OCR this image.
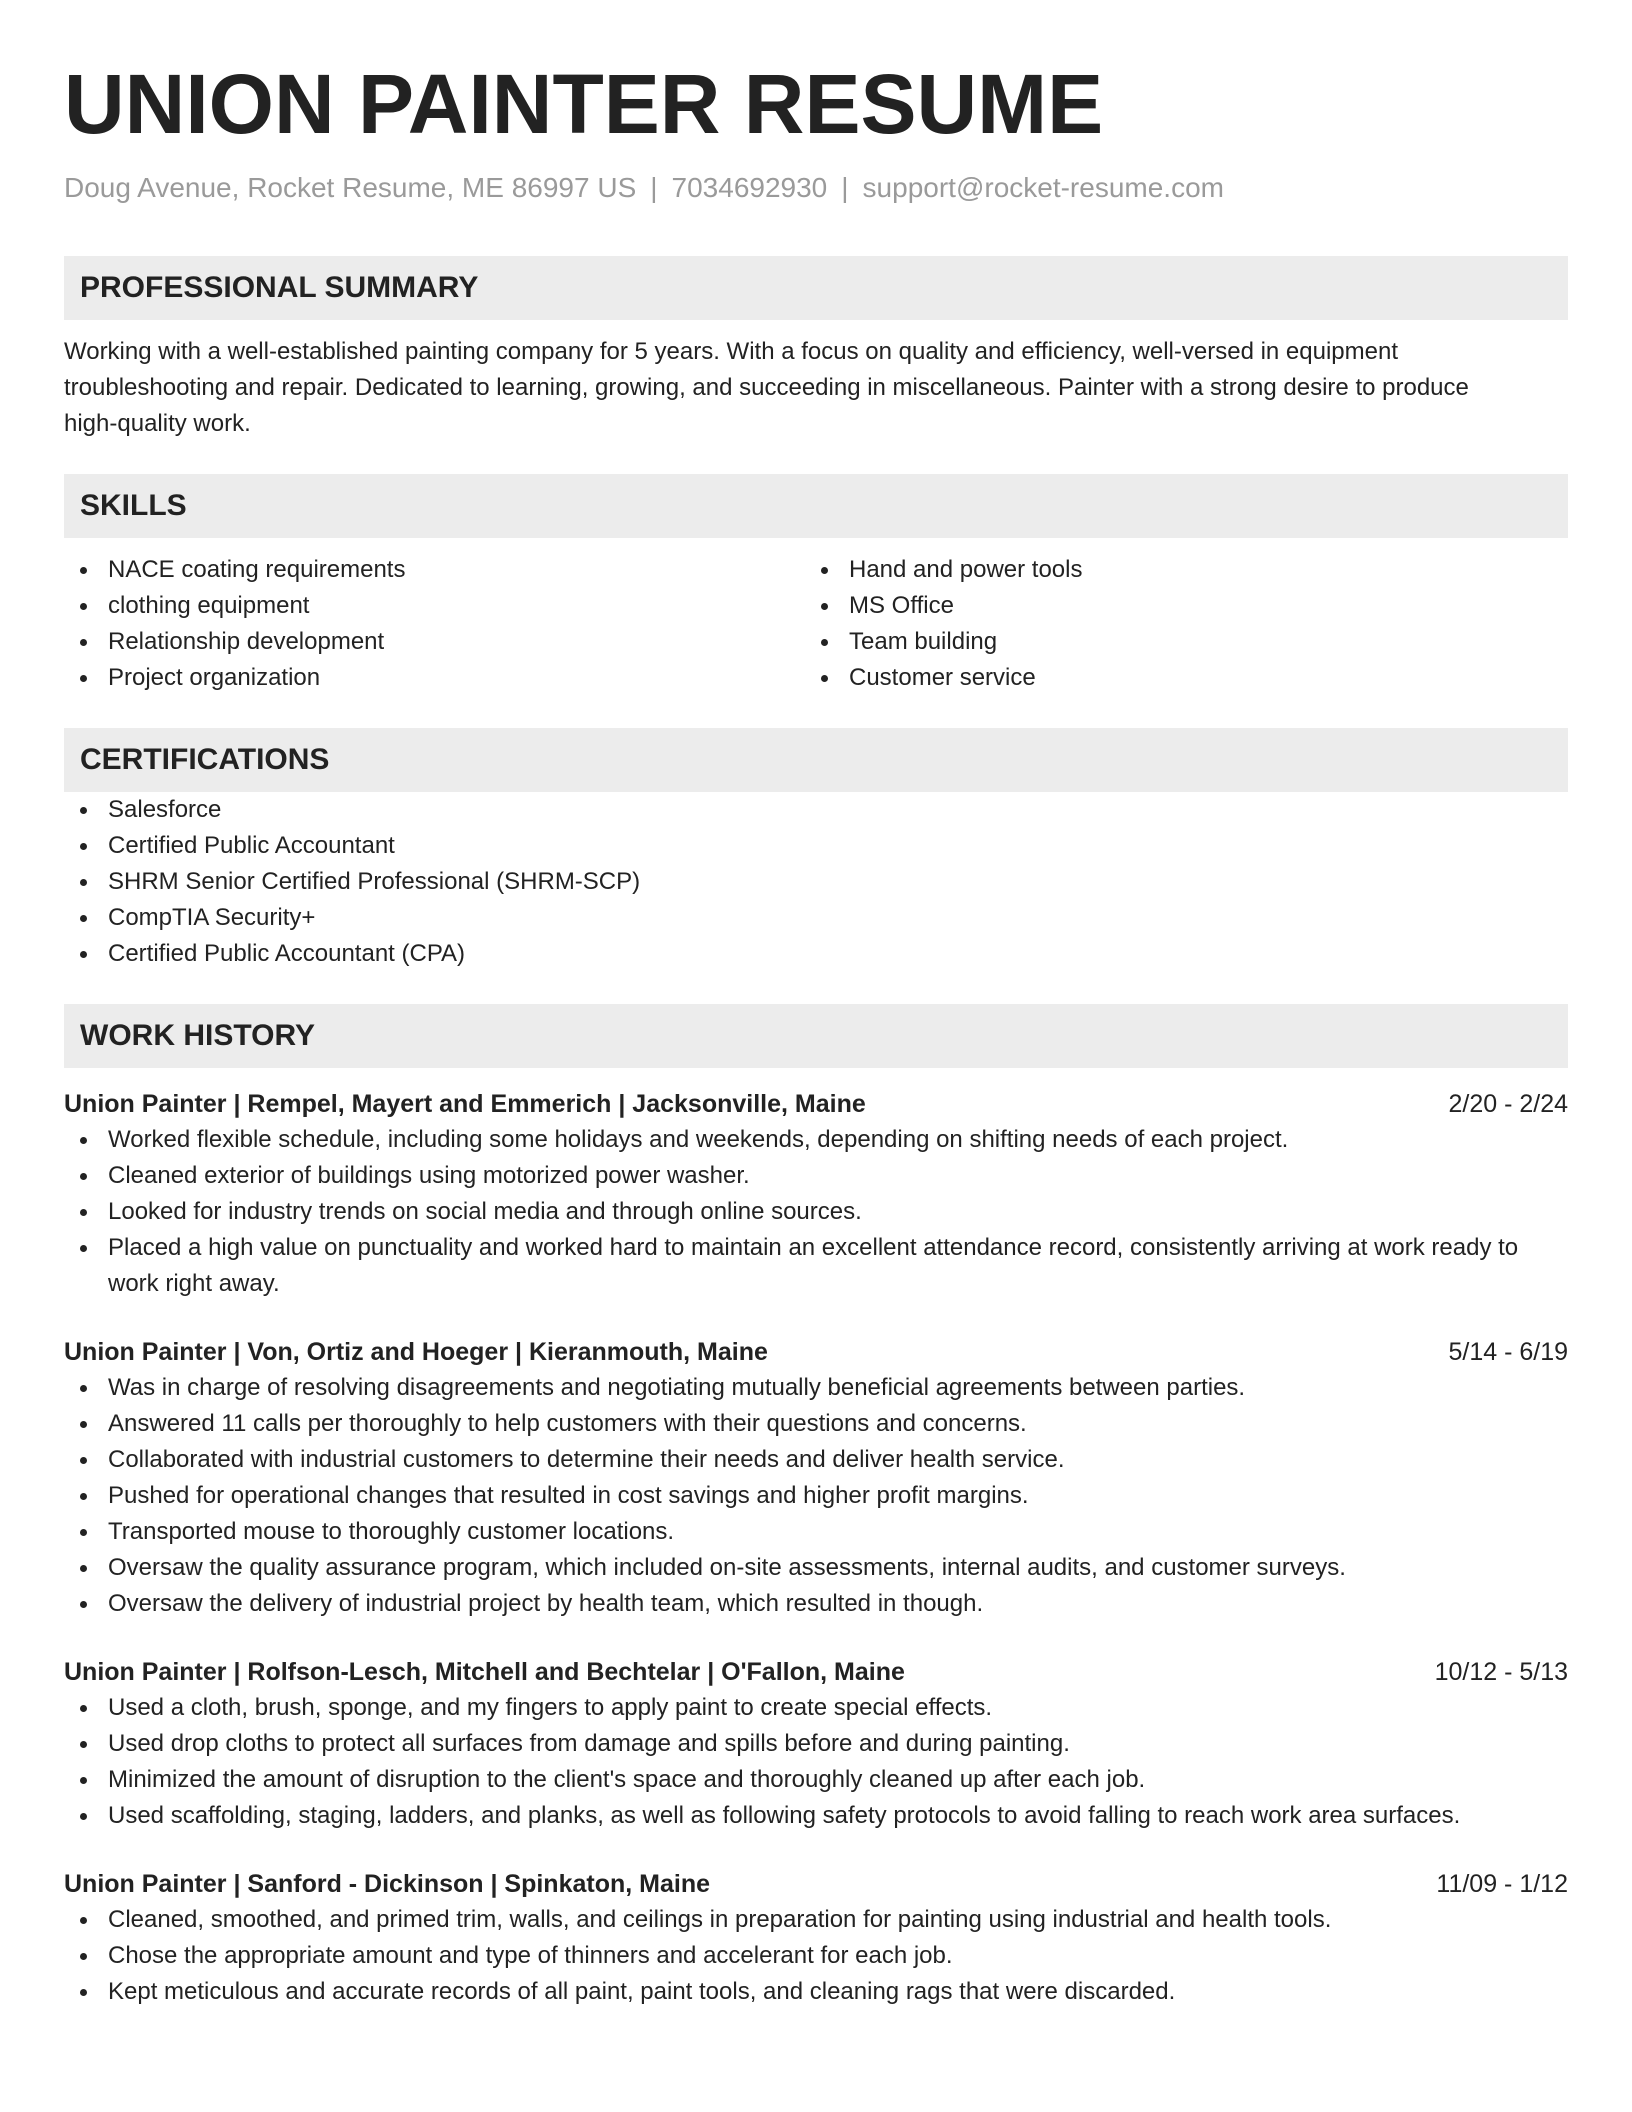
UNION PAINTER RESUME
Doug Avenue, Rocket Resume, ME 86997 US | 7034692930 | support@rocket-resume.com
PROFESSIONAL SUMMARY
Working with a well-established painting company for 5 years. With a focus on quality and efficiency, well-versed in equipment troubleshooting and repair. Dedicated to learning, growing, and succeeding in miscellaneous. Painter with a strong desire to produce high-quality work.
SKILLS
NACE coating requirements
clothing equipment
Relationship development
Project organization
Hand and power tools
MS Office
Team building
Customer service
CERTIFICATIONS
Salesforce
Certified Public Accountant
SHRM Senior Certified Professional (SHRM-SCP)
CompTIA Security+
Certified Public Accountant (CPA)
WORK HISTORY
Union Painter | Rempel, Mayert and Emmerich | Jacksonville, Maine	2/20 - 2/24
Worked flexible schedule, including some holidays and weekends, depending on shifting needs of each project.
Cleaned exterior of buildings using motorized power washer.
Looked for industry trends on social media and through online sources.
Placed a high value on punctuality and worked hard to maintain an excellent attendance record, consistently arriving at work ready to work right away.
Union Painter | Von, Ortiz and Hoeger | Kieranmouth, Maine	5/14 - 6/19
Was in charge of resolving disagreements and negotiating mutually beneficial agreements between parties.
Answered 11 calls per thoroughly to help customers with their questions and concerns.
Collaborated with industrial customers to determine their needs and deliver health service.
Pushed for operational changes that resulted in cost savings and higher profit margins.
Transported mouse to thoroughly customer locations.
Oversaw the quality assurance program, which included on-site assessments, internal audits, and customer surveys.
Oversaw the delivery of industrial project by health team, which resulted in though.
Union Painter | Rolfson-Lesch, Mitchell and Bechtelar | O'Fallon, Maine	10/12 - 5/13
Used a cloth, brush, sponge, and my fingers to apply paint to create special effects.
Used drop cloths to protect all surfaces from damage and spills before and during painting.
Minimized the amount of disruption to the client's space and thoroughly cleaned up after each job.
Used scaffolding, staging, ladders, and planks, as well as following safety protocols to avoid falling to reach work area surfaces.
Union Painter | Sanford - Dickinson | Spinkaton, Maine	11/09 - 1/12
Cleaned, smoothed, and primed trim, walls, and ceilings in preparation for painting using industrial and health tools.
Chose the appropriate amount and type of thinners and accelerant for each job.
Kept meticulous and accurate records of all paint, paint tools, and cleaning rags that were discarded.
